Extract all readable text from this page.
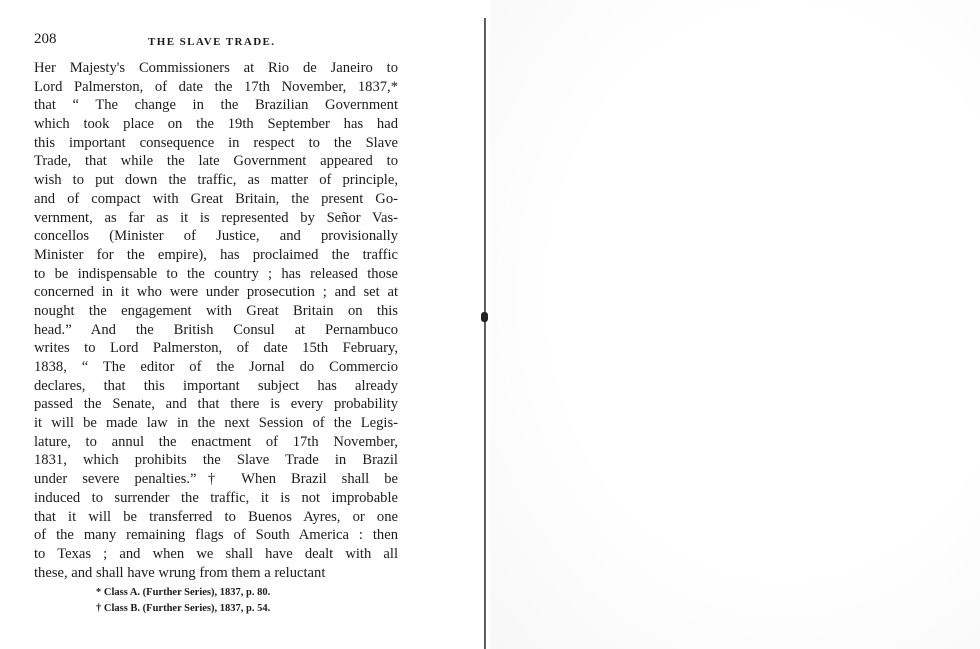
208	THE SLAVE TRADE.
Her Majesty's Commissioners at Rio de Janeiro to
Lord Palmerston, of date the 17th November, 1837,*
that “ The change in the Brazilian Government
which took place on the 19th September has had
this important consequence in respect to the Slave
Trade, that while the late Government appeared to
wish to put down the traffic, as matter of principle,
and of compact with Great Britain, the present Go-
vernment, as far as it is represented by Señor Vas-
concellos (Minister of Justice, and provisionally
Minister for the empire), has proclaimed the traffic
to be indispensable to the country ; has released those
concerned in it who were under prosecution ; and set at
nought the engagement with Great Britain on this
head.” And the British Consul at Pernambuco
writes to Lord Palmerston, of date 15th February,
1838, “ The editor of the Jornal do Commercio
declares, that this important subject has already
passed the Senate, and that there is every probability
it will be made law in the next Session of the Legis-
lature, to annul the enactment of 17th November,
1831, which prohibits the Slave Trade in Brazil
under severe penalties.”† When Brazil shall be
induced to surrender the traffic, it is not improbable
that it will be transferred to Buenos Ayres, or one
of the many remaining flags of South America : then
to Texas ; and when we shall have dealt with all
these, and shall have wrung from them a reluctant
* Class A. (Further Series), 1837, p. 80.
† Class B. (Further Series), 1837, p. 54.
